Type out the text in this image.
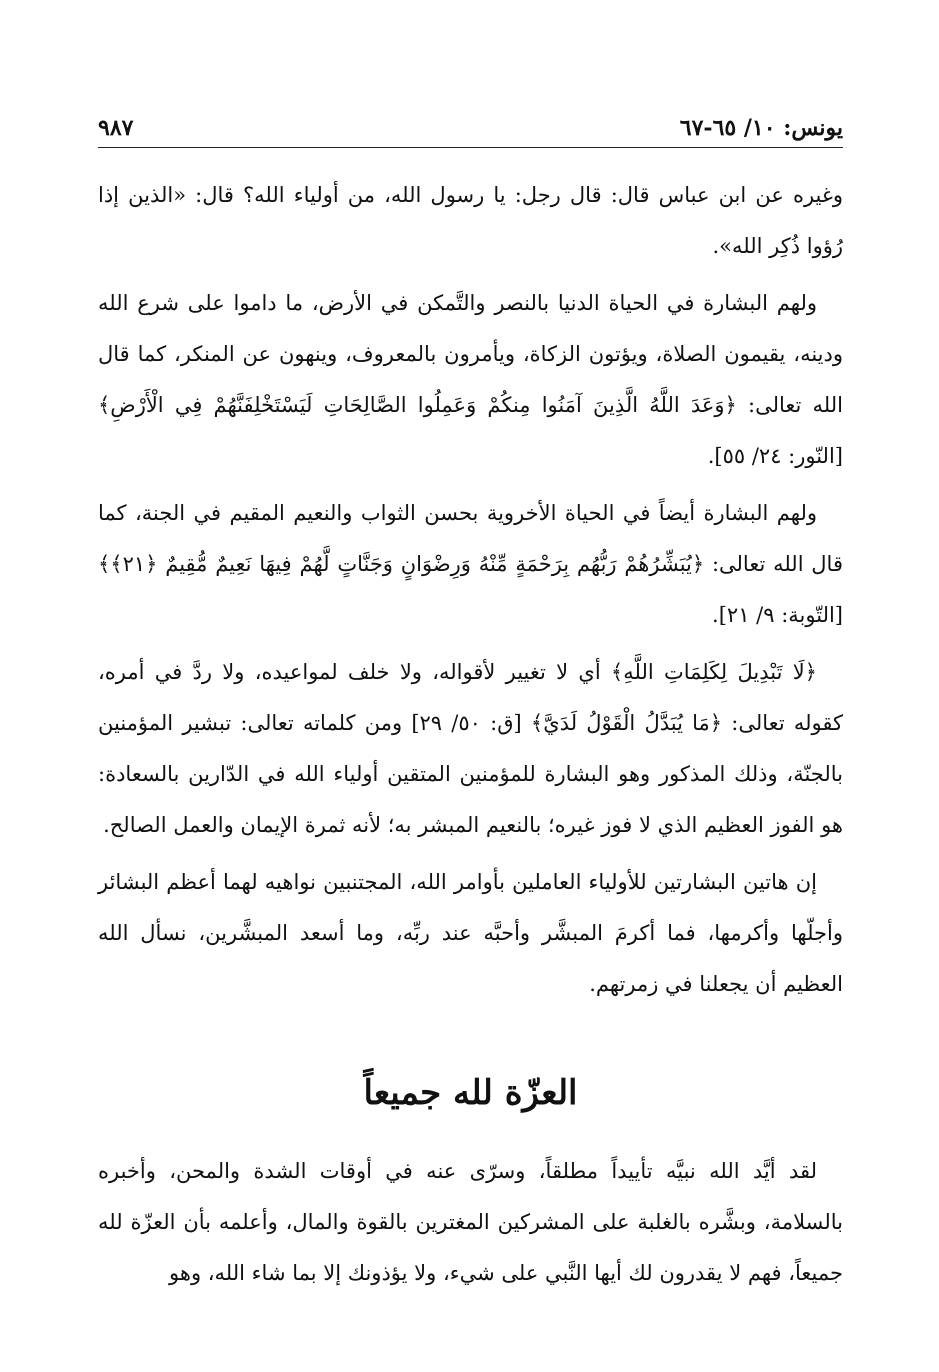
يونس: ١٠/ ٦٥-٦٧
٩٨٧

وغيره عن ابن عباس قال: قال رجل: يا رسول الله، من أولياء الله؟ قال: «الذين إذا رُؤوا ذُكِر الله».

ولهم البشارة في الحياة الدنيا بالنصر والتَّمكن في الأرض، ما داموا على شرع الله ودينه، يقيمون الصلاة، ويؤتون الزكاة، ويأمرون بالمعروف، وينهون عن المنكر، كما قال الله تعالى: ﴿وَعَدَ اللَّهُ الَّذِينَ آمَنُوا مِنكُمْ وَعَمِلُوا الصَّالِحَاتِ لَيَسْتَخْلِفَنَّهُمْ فِي الْأَرْضِ﴾ [النّور: ٢٤/ ٥٥].

ولهم البشارة أيضاً في الحياة الأخروية بحسن الثواب والنعيم المقيم في الجنة، كما قال الله تعالى: ﴿يُبَشِّرُهُمْ رَبُّهُم بِرَحْمَةٍ مِّنْهُ وَرِضْوَانٍ وَجَنَّاتٍ لَّهُمْ فِيهَا نَعِيمٌ مُّقِيمٌ ﴿٢١﴾﴾ [التّوبة: ٩/ ٢١].

﴿لَا تَبْدِيلَ لِكَلِمَاتِ اللَّهِ﴾ أي لا تغيير لأقواله، ولا خلف لمواعيده، ولا ردَّ في أمره، كقوله تعالى: ﴿مَا يُبَدَّلُ الْقَوْلُ لَدَيَّ﴾ [ق: ٥٠/ ٢٩] ومن كلماته تعالى: تبشير المؤمنين بالجنّة، وذلك المذكور وهو البشارة للمؤمنين المتقين أولياء الله في الدّارين بالسعادة: هو الفوز العظيم الذي لا فوز غيره؛ بالنعيم المبشر به؛ لأنه ثمرة الإيمان والعمل الصالح.

إن هاتين البشارتين للأولياء العاملين بأوامر الله، المجتنبين نواهيه لهما أعظم البشائر وأجلّها وأكرمها، فما أكرمَ المبشَّر وأحبَّه عند ربِّه، وما أسعد المبشَّرين، نسأل الله العظيم أن يجعلنا في زمرتهم.

العزّة لله جميعاً

لقد أيَّد الله نبيَّه تأييداً مطلقاً، وسرّى عنه في أوقات الشدة والمحن، وأخبره بالسلامة، وبشَّره بالغلبة على المشركين المغترين بالقوة والمال، وأعلمه بأن العزّة لله جميعاً، فهم لا يقدرون لك أيها النَّبي على شيء، ولا يؤذونك إلا بما شاء الله، وهو
